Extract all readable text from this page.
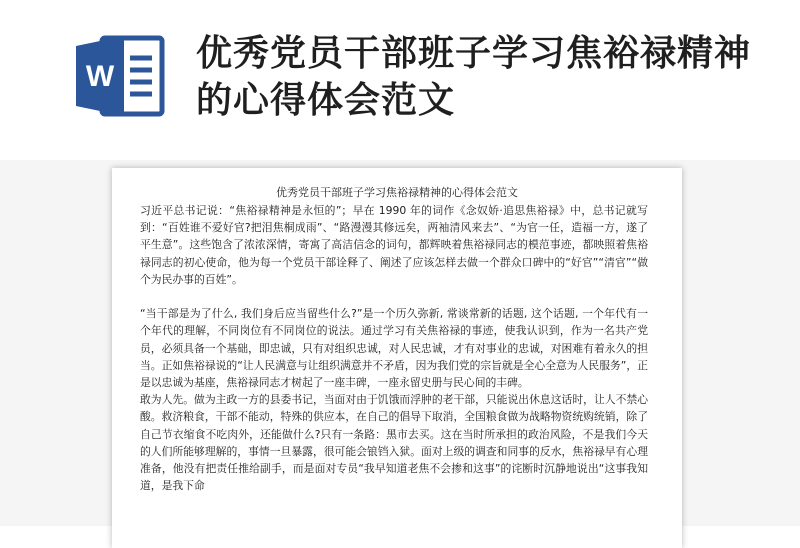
W
优秀党员干部班子学习焦裕禄精神的心得体会范文
优秀党员干部班子学习焦裕禄精神的心得体会范文

习近平总书记说：“焦裕禄精神是永恒的”；早在 1990 年的词作《念奴娇·追思焦裕禄》中，总书记就写到：“百姓谁不爱好官?把泪焦桐成雨”、“路漫漫其修远矣，两袖清风来去”、“为官一任，造福一方，遂了平生意”。这些饱含了浓浓深情，寄寓了高洁信念的词句，都辉映着焦裕禄同志的模范事迹，都映照着焦裕禄同志的初心使命，他为每一个党员干部诠释了、阐述了应该怎样去做一个群众口碑中的“好官”“清官”“做个为民办事的百姓”。

“当干部是为了什么, 我们身后应当留些什么?”是一个历久弥新, 常谈常新的话题, 这个话题, 一个年代有一个年代的理解，不同岗位有不同岗位的说法。通过学习有关焦裕禄的事迹，使我认识到，作为一名共产党员，必须具备一个基础，即忠诚，只有对组织忠诚，对人民忠诚，才有对事业的忠诚，对困难有着永久的担当。正如焦裕禄说的“让人民满意与让组织满意并不矛盾，因为我们党的宗旨就是全心全意为人民服务”，正是以忠诚为基座，焦裕禄同志才树起了一座丰碑，一座永留史册与民心间的丰碑。

敢为人先。做为主政一方的县委书记，当面对由于饥饿而浮肿的老干部，只能说出休息这话时，让人不禁心酸。救济粮食，干部不能动，特殊的供应本，在自己的倡导下取消，全国粮食做为战略物资统购统销，除了自己节衣缩食不吃肉外，还能做什么?只有一条路：黑市去买。这在当时所承担的政治风险，不是我们今天的人们所能够理解的，事情一旦暴露，很可能会锒铛入狱。面对上级的调查和同事的反水，焦裕禄早有心理准备，他没有把责任推给副手，而是面对专员“我早知道老焦不会掺和这事”的诧断时沉静地说出“这事我知道，是我下命
